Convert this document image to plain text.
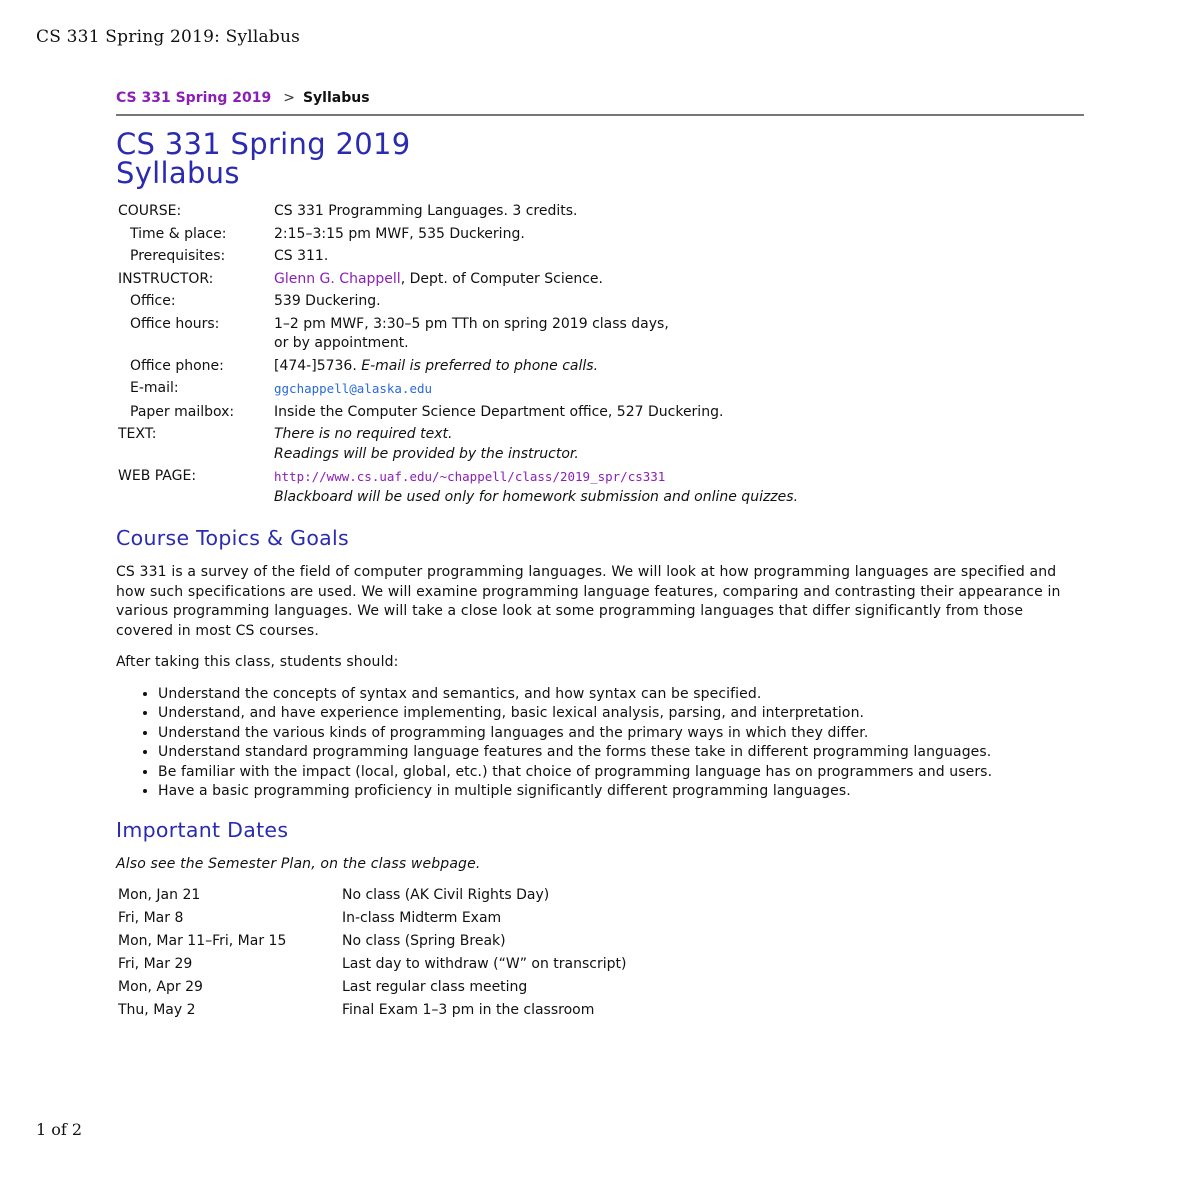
CS 331 Spring 2019: Syllabus
CS 331 Spring 2019 > Syllabus
CS 331 Spring 2019
Syllabus
COURSE:	CS 331 Programming Languages. 3 credits.
Time & place:	2:15–3:15 pm MWF, 535 Duckering.
Prerequisites:	CS 311.
INSTRUCTOR:	Glenn G. Chappell, Dept. of Computer Science.
Office:	539 Duckering.
Office hours:	1–2 pm MWF, 3:30–5 pm TTh on spring 2019 class days,
or by appointment.
Office phone:	[474-]5736. E-mail is preferred to phone calls.
E-mail:	ggchappell@alaska.edu
Paper mailbox:	Inside the Computer Science Department office, 527 Duckering.
TEXT:	There is no required text.
Readings will be provided by the instructor.
WEB PAGE:	http://www.cs.uaf.edu/~chappell/class/2019_spr/cs331
Blackboard will be used only for homework submission and online quizzes.
Course Topics & Goals

CS 331 is a survey of the field of computer programming languages. We will look at how programming languages are specified and how such specifications are used. We will examine programming language features, comparing and contrasting their appearance in various programming languages. We will take a close look at some programming languages that differ significantly from those covered in most CS courses.

After taking this class, students should:

• Understand the concepts of syntax and semantics, and how syntax can be specified.
• Understand, and have experience implementing, basic lexical analysis, parsing, and interpretation.
• Understand the various kinds of programming languages and the primary ways in which they differ.
• Understand standard programming language features and the forms these take in different programming languages.
• Be familiar with the impact (local, global, etc.) that choice of programming language has on programmers and users.
• Have a basic programming proficiency in multiple significantly different programming languages.
Important Dates

Also see the Semester Plan, on the class webpage.

Mon, Jan 21	No class (AK Civil Rights Day)
Fri, Mar 8	In-class Midterm Exam
Mon, Mar 11–Fri, Mar 15	No class (Spring Break)
Fri, Mar 29	Last day to withdraw (“W” on transcript)
Mon, Apr 29	Last regular class meeting
Thu, May 2	Final Exam 1–3 pm in the classroom
1 of 2
